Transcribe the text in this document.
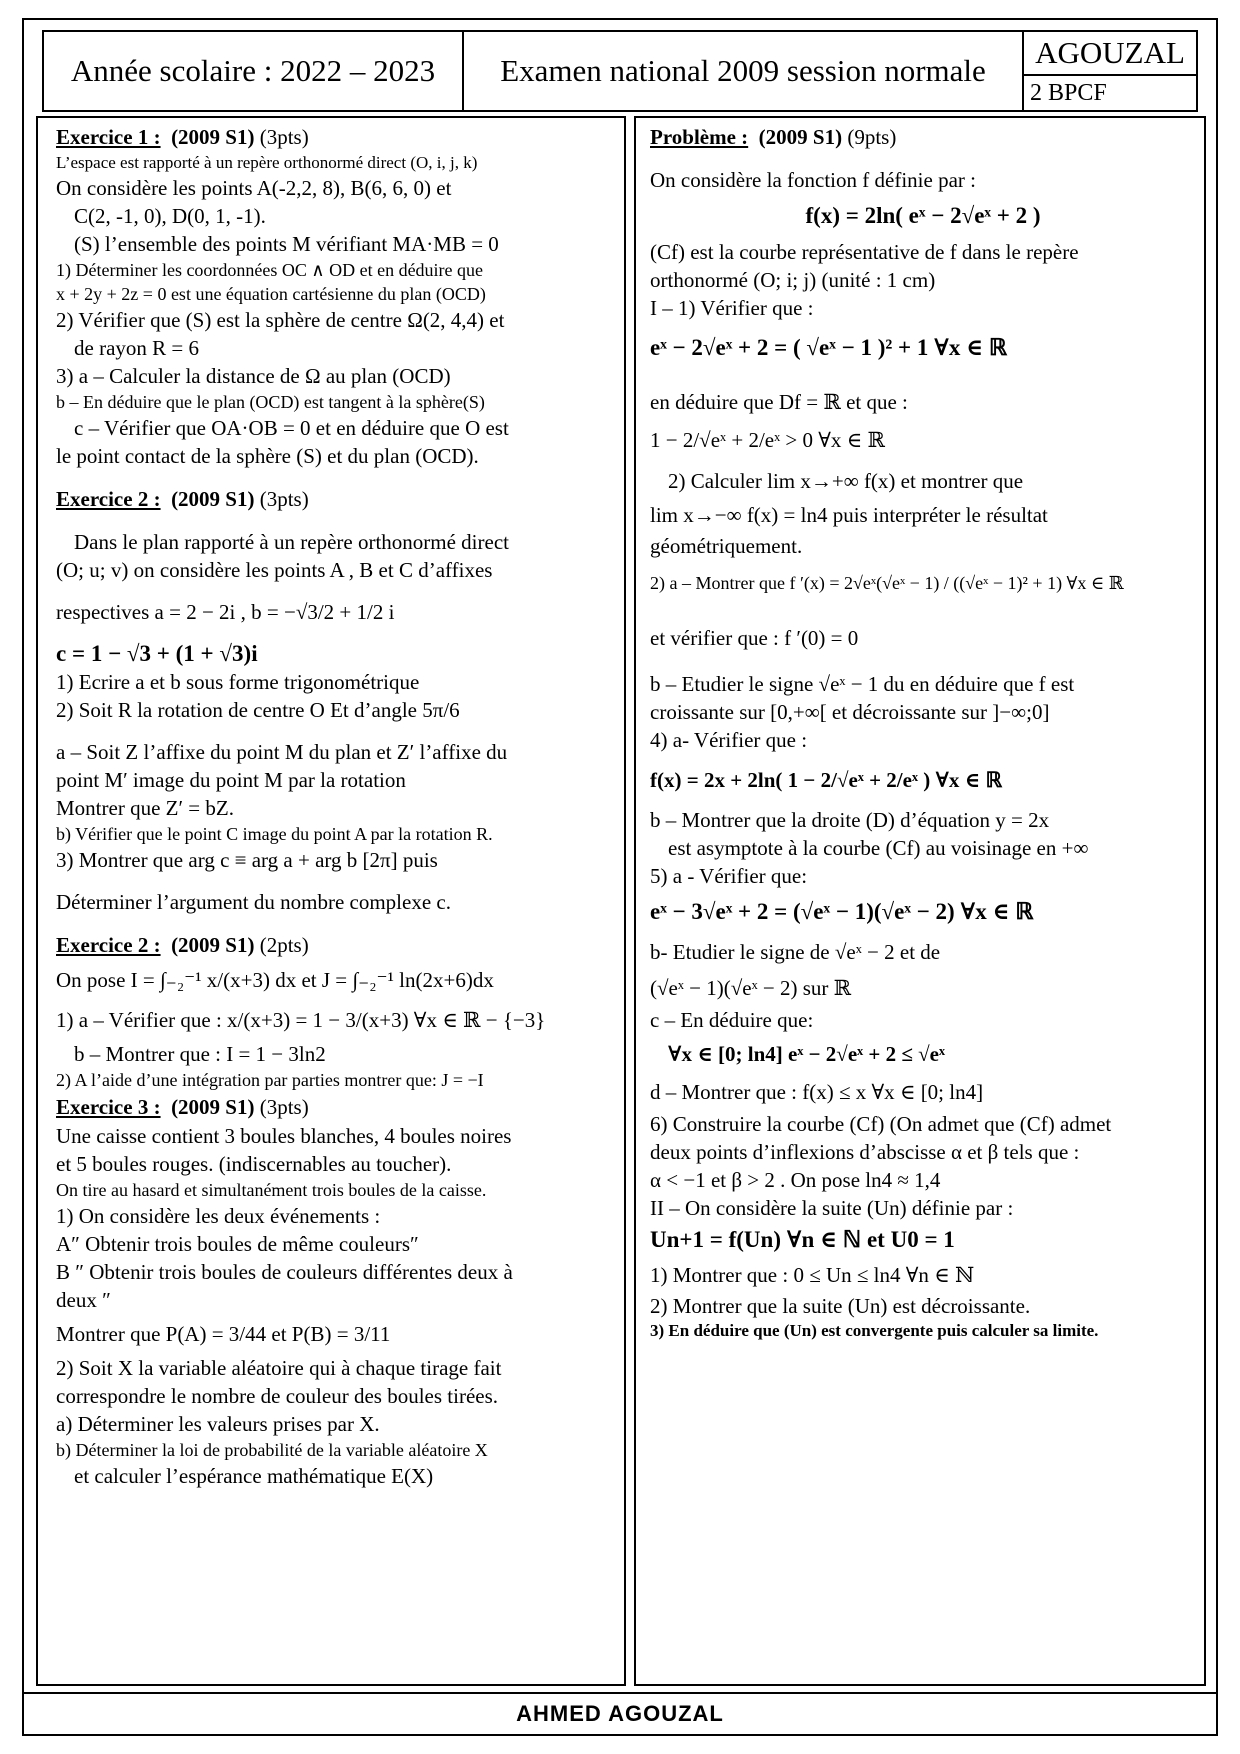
Année scolaire : 2022 – 2023	Examen national 2009 session normale
AGOUZAL
2 BPCF
Exercice 1 : (2009 S1) (3pts)
L’espace est rapporté à un repère orthonormé direct (O, i, j, k)
On considère les points A(-2,2, 8), B(6, 6, 0) et
C(2, -1, 0), D(0, 1, -1).
(S) l’ensemble des points M vérifiant MA·MB = 0
1) Déterminer les coordonnées OC ∧ OD et en déduire que
x + 2y + 2z = 0 est une équation cartésienne du plan (OCD)
2) Vérifier que (S) est la sphère de centre Ω(2, 4,4) et
de rayon R = 6
3) a – Calculer la distance de Ω au plan (OCD)
b – En déduire que le plan (OCD) est tangent à la sphère(S)
c – Vérifier que OA·OB = 0 et en déduire que O est
le point contact de la sphère (S) et du plan (OCD).
Exercice 2 : (2009 S1) (3pts)
Dans le plan rapporté à un repère orthonormé direct
(O; u; v) on considère les points A , B et C d’affixes
respectives a = 2 − 2i , b = −√3/2 + 1/2 i
c = 1 − √3 + (1 + √3)i
1) Ecrire a et b sous forme trigonométrique
2) Soit R la rotation de centre O Et d’angle 5π/6
a – Soit Z l’affixe du point M du plan et Z′ l’affixe du
point M′ image du point M par la rotation
Montrer que Z′ = bZ.
b) Vérifier que le point C image du point A par la rotation R.
3) Montrer que arg c ≡ arg a + arg b [2π] puis
Déterminer l’argument du nombre complexe c.
Exercice 2 : (2009 S1) (2pts)
On pose I = ∫₋₂⁻¹ x/(x+3) dx et J = ∫₋₂⁻¹ ln(2x+6)dx
1) a – Vérifier que : x/(x+3) = 1 − 3/(x+3) ∀x ∈ ℝ − {−3}
b – Montrer que : I = 1 − 3ln2
2) A l’aide d’une intégration par parties montrer que: J = −I
Exercice 3 : (2009 S1) (3pts)
Une caisse contient 3 boules blanches, 4 boules noires
et 5 boules rouges. (indiscernables au toucher).
On tire au hasard et simultanément trois boules de la caisse.
1) On considère les deux événements :
A″ Obtenir trois boules de même couleurs″
B ″ Obtenir trois boules de couleurs différentes deux à
deux ″
Montrer que P(A) = 3/44 et P(B) = 3/11
2) Soit X la variable aléatoire qui à chaque tirage fait
correspondre le nombre de couleur des boules tirées.
a) Déterminer les valeurs prises par X.
b) Déterminer la loi de probabilité de la variable aléatoire X
et calculer l’espérance mathématique E(X)
Problème : (2009 S1) (9pts)
On considère la fonction f définie par :
f(x) = 2ln( eˣ − 2√eˣ + 2 )
(Cf) est la courbe représentative de f dans le repère
orthonormé (O; i; j) (unité : 1 cm)
I – 1) Vérifier que :
eˣ − 2√eˣ + 2 = ( √eˣ − 1 )² + 1 ∀x ∈ ℝ
en déduire que Df = ℝ et que :
1 − 2/√eˣ + 2/eˣ > 0 ∀x ∈ ℝ
2) Calculer lim x→+∞ f(x) et montrer que
lim x→−∞ f(x) = ln4 puis interpréter le résultat
géométriquement.
2) a – Montrer que f ′(x) = 2√eˣ(√eˣ − 1) / ((√eˣ − 1)² + 1) ∀x ∈ ℝ
et vérifier que : f ′(0) = 0
b – Etudier le signe √eˣ − 1 du en déduire que f est
croissante sur [0,+∞[ et décroissante sur ]−∞;0]
4) a- Vérifier que :
f(x) = 2x + 2ln( 1 − 2/√eˣ + 2/eˣ ) ∀x ∈ ℝ
b – Montrer que la droite (D) d’équation y = 2x
est asymptote à la courbe (Cf) au voisinage en +∞
5) a - Vérifier que:
eˣ − 3√eˣ + 2 = (√eˣ − 1)(√eˣ − 2) ∀x ∈ ℝ
b- Etudier le signe de √eˣ − 2 et de
(√eˣ − 1)(√eˣ − 2) sur ℝ
c – En déduire que:
∀x ∈ [0; ln4] eˣ − 2√eˣ + 2 ≤ √eˣ
d – Montrer que : f(x) ≤ x ∀x ∈ [0; ln4]
6) Construire la courbe (Cf) (On admet que (Cf) admet
deux points d’inflexions d’abscisse α et β tels que :
α < −1 et β > 2 . On pose ln4 ≈ 1,4
II – On considère la suite (Un) définie par :
Un+1 = f(Un) ∀n ∈ ℕ et U0 = 1
1) Montrer que : 0 ≤ Un ≤ ln4 ∀n ∈ ℕ
2) Montrer que la suite (Un) est décroissante.
3) En déduire que (Un) est convergente puis calculer sa limite.
AHMED AGOUZAL
